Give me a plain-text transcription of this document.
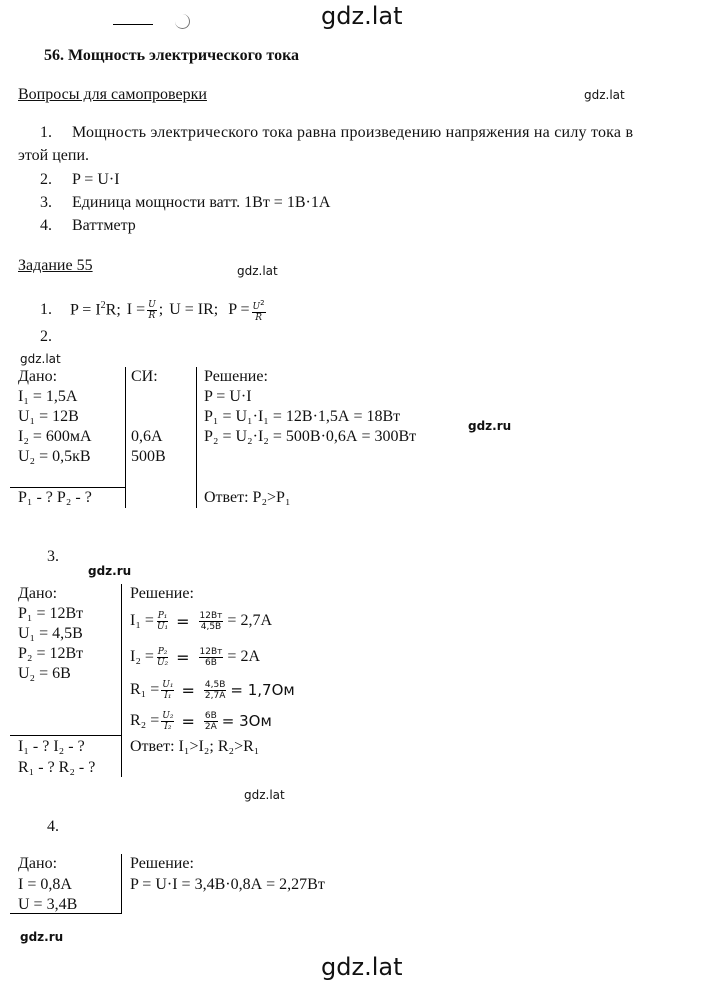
gdz.lat
56. Мощность электрического тока
Вопросы для самопроверки	gdz.lat
1. Мощность электрического тока равна произведению напряжения на силу тока в
этой цепи.
2. P = U·I
3. Единица мощности ватт. 1Вт = 1В·1А
4. Ваттметр
Задание 55	gdz.lat
1. $P = I^2R$; $I = \frac{U}{R}$ ; U = IR; $P = \frac{U^2}{R}$
2.
gdz.lat
Дано:
I₁ = 1,5А
U₁ = 12В
I₂ = 600мА
U₂ = 0,5кВ
P₁ - ? P₂ - ?
СИ:
0,6А
500В
Решение:
P = U·I
P₁ = U₁·I₁ = 12В·1,5А = 18Вт
P₂ = U₂·I₂ = 500В·0,6А = 300Вт
Ответ: P₂>P₁
gdz.ru
3.
gdz.ru
Дано:
P₁ = 12Вт
U₁ = 4,5В
P₂ = 12Вт
U₂ = 6В
I₁ - ? I₂ - ?
R₁ - ? R₂ - ?
Решение:
$I_1 = \frac{\text{P₁}}{\text{U₁}} = \frac{12Вт}{4,5В} = 2,7А$
$I_2 = \frac{\text{P₂}}{\text{U₂}} = \frac{12Вт}{6В} = 2А$
$R_1 = \frac{\text{U₁}}{\text{I₁}} = \frac{4,5В}{2,7А} = 1,7Ом$
$R_2 = \frac{\text{U₂}}{\text{I₂}} = \frac{6В}{2А} = 3Ом$
Ответ: I₁>I₂; R₂>R₁
gdz.lat
4.
Дано:
I = 0,8А
U = 3,4В
Решение:
P = U·I = 3,4В·0,8А = 2,27Вт
gdz.ru
gdz.lat
